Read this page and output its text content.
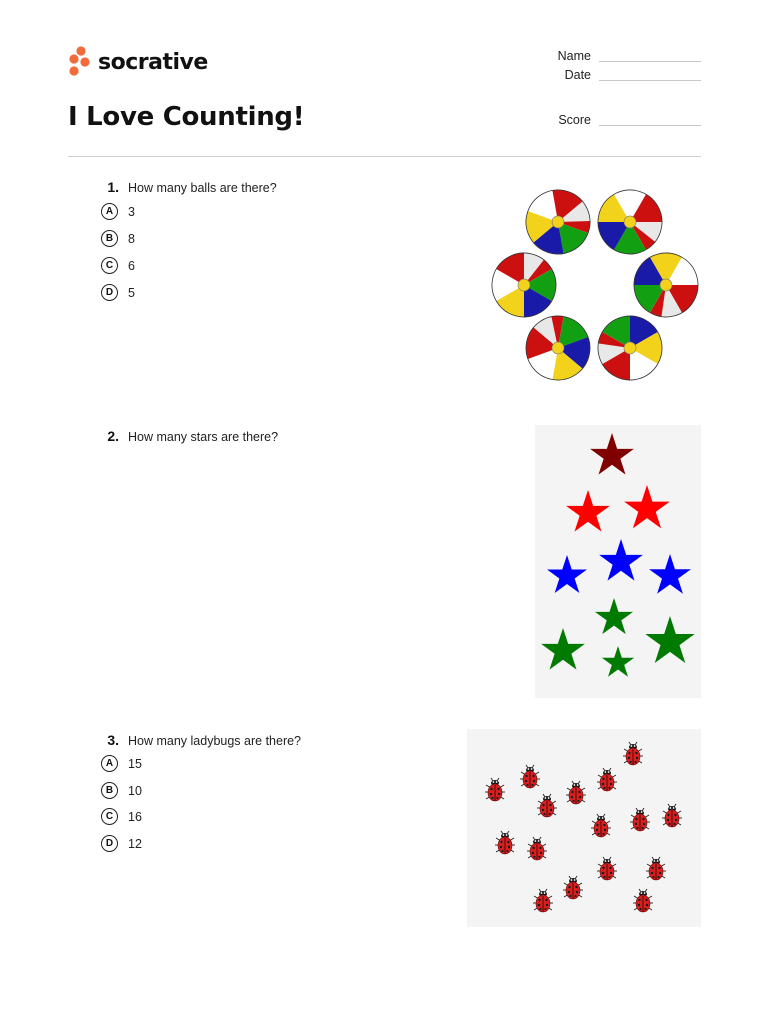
socrative
I Love Counting!
Name
Date
Score
1. How many balls are there?
A	3
B	8
C	6
D	5
2. How many stars are there?
3. How many ladybugs are there?
A	15
B	10
C	16
D	12
